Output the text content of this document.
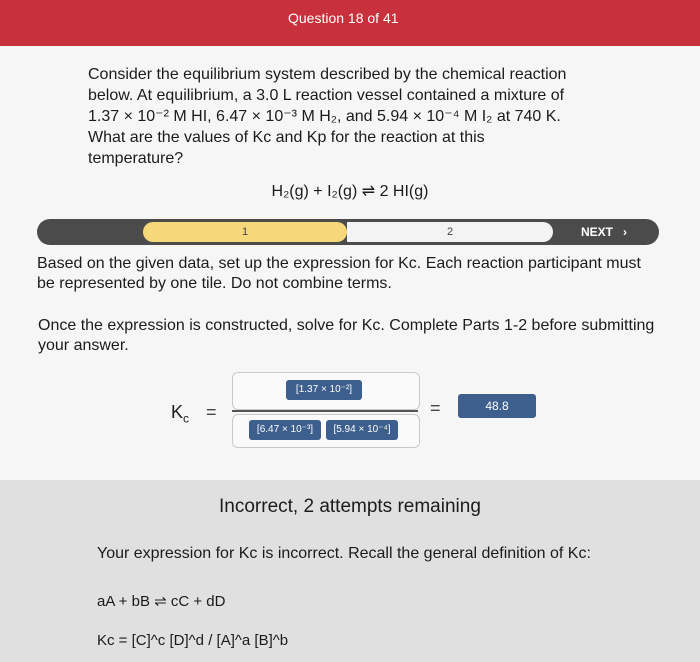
Question 18 of 41

Consider the equilibrium system described by the chemical reaction

below. At equilibrium, a 3.0 L reaction vessel contained a mixture of

1.37 × 10⁻² M HI, 6.47 × 10⁻³ M H₂, and 5.94 × 10⁻⁴ M I₂ at 740 K.

What are the values of Kc and Kp for the reaction at this

temperature?

H₂(g) + I₂(g) ⇌ 2 HI(g)
1	2	NEXT ›

Based on the given data, set up the expression for Kc. Each reaction participant must be represented by one tile. Do not combine terms.

Once the expression is constructed, solve for Kc. Complete Parts 1-2 before submitting your answer.

$K_c$ =
[1.37 × 10⁻²]
[6.47 × 10⁻³]	[5.94 × 10⁻⁴]
=	48.8
Incorrect, 2 attempts remaining
Your expression for Kc is incorrect. Recall the general definition of Kc:
aA + bB ⇌ cC + dD
Kc = [C]^c [D]^d / [A]^a [B]^b
